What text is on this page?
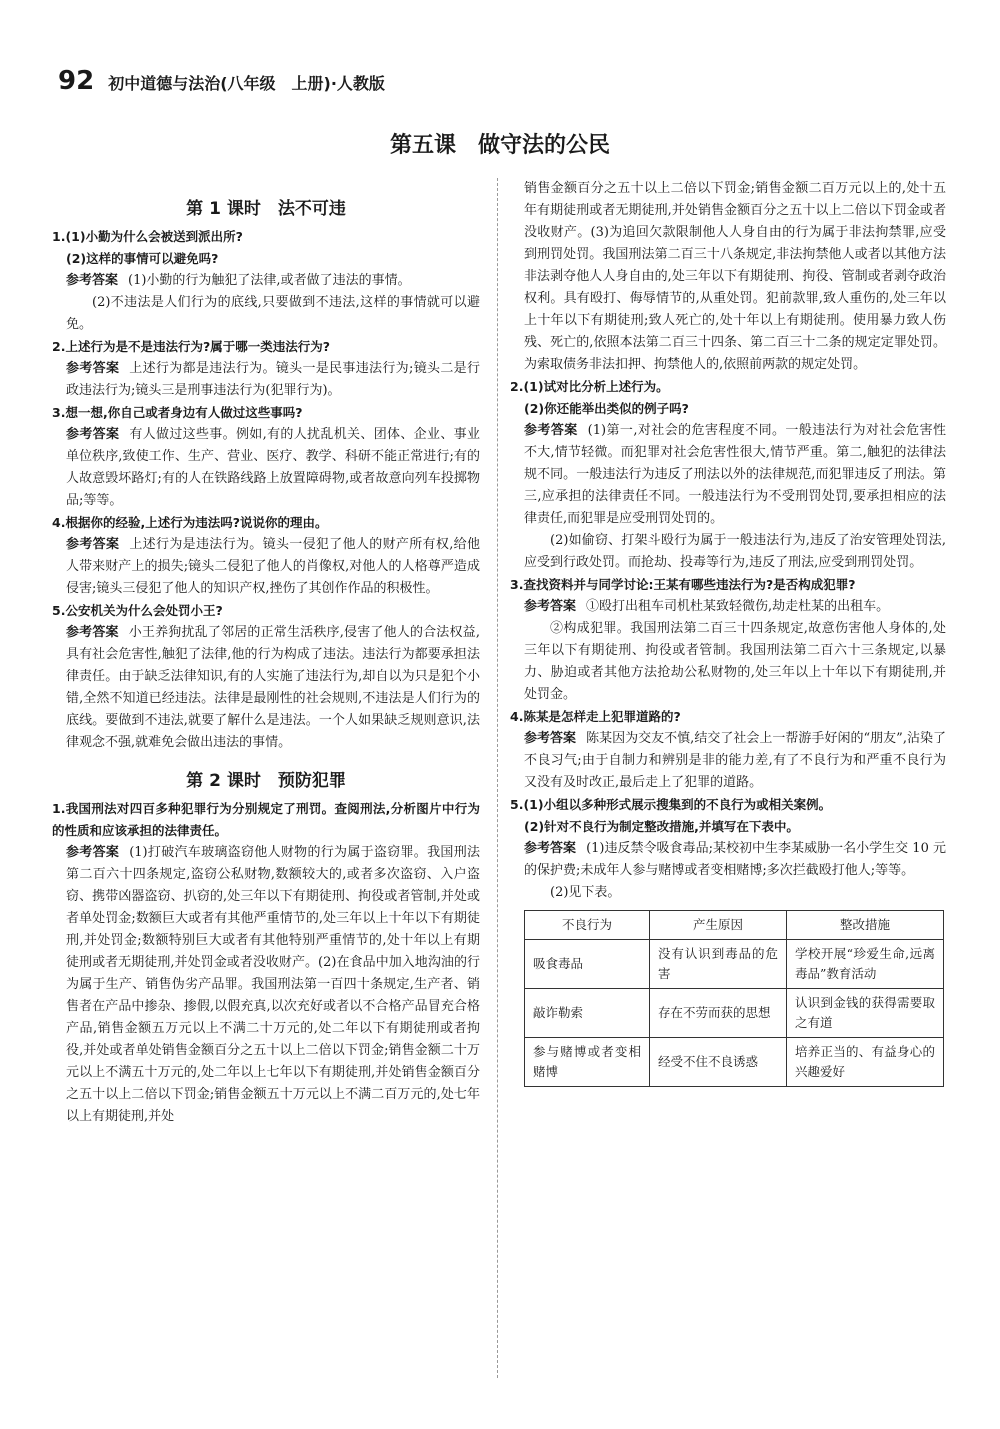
92 初中道德与法治(八年级　上册)·人教版
第五课　做守法的公民
第 1 课时　法不可违
1.(1)小勤为什么会被送到派出所?
(2)这样的事情可以避免吗?
参考答案 (1)小勤的行为触犯了法律,或者做了违法的事情。
(2)不违法是人们行为的底线,只要做到不违法,这样的事情就可以避免。
2.上述行为是不是违法行为?属于哪一类违法行为?
参考答案 上述行为都是违法行为。镜头一是民事违法行为;镜头二是行政违法行为;镜头三是刑事违法行为(犯罪行为)。
3.想一想,你自己或者身边有人做过这些事吗?
参考答案 有人做过这些事。例如,有的人扰乱机关、团体、企业、事业单位秩序,致使工作、生产、营业、医疗、教学、科研不能正常进行;有的人故意毁坏路灯;有的人在铁路线路上放置障碍物,或者故意向列车投掷物品;等等。
4.根据你的经验,上述行为违法吗?说说你的理由。
参考答案 上述行为是违法行为。镜头一侵犯了他人的财产所有权,给他人带来财产上的损失;镜头二侵犯了他人的肖像权,对他人的人格尊严造成侵害;镜头三侵犯了他人的知识产权,挫伤了其创作作品的积极性。
5.公安机关为什么会处罚小王?
参考答案 小王养狗扰乱了邻居的正常生活秩序,侵害了他人的合法权益,具有社会危害性,触犯了法律,他的行为构成了违法。违法行为都要承担法律责任。由于缺乏法律知识,有的人实施了违法行为,却自以为只是犯个小错,全然不知道已经违法。法律是最刚性的社会规则,不违法是人们行为的底线。要做到不违法,就要了解什么是违法。一个人如果缺乏规则意识,法律观念不强,就难免会做出违法的事情。
第 2 课时　预防犯罪
1.我国刑法对四百多种犯罪行为分别规定了刑罚。查阅刑法,分析图片中行为的性质和应该承担的法律责任。
参考答案 (1)打破汽车玻璃盗窃他人财物的行为属于盗窃罪。我国刑法第二百六十四条规定,盗窃公私财物,数额较大的,或者多次盗窃、入户盗窃、携带凶器盗窃、扒窃的,处三年以下有期徒刑、拘役或者管制,并处或者单处罚金;数额巨大或者有其他严重情节的,处三年以上十年以下有期徒刑,并处罚金;数额特别巨大或者有其他特别严重情节的,处十年以上有期徒刑或者无期徒刑,并处罚金或者没收财产。(2)在食品中加入地沟油的行为属于生产、销售伪劣产品罪。我国刑法第一百四十条规定,生产者、销售者在产品中掺杂、掺假,以假充真,以次充好或者以不合格产品冒充合格产品,销售金额五万元以上不满二十万元的,处二年以下有期徒刑或者拘役,并处或者单处销售金额百分之五十以上二倍以下罚金;销售金额二十万元以上不满五十万元的,处二年以上七年以下有期徒刑,并处销售金额百分之五十以上二倍以下罚金;销售金额五十万元以上不满二百万元的,处七年以上有期徒刑,并处
销售金额百分之五十以上二倍以下罚金;销售金额二百万元以上的,处十五年有期徒刑或者无期徒刑,并处销售金额百分之五十以上二倍以下罚金或者没收财产。(3)为追回欠款限制他人人身自由的行为属于非法拘禁罪,应受到刑罚处罚。我国刑法第二百三十八条规定,非法拘禁他人或者以其他方法非法剥夺他人人身自由的,处三年以下有期徒刑、拘役、管制或者剥夺政治权利。具有殴打、侮辱情节的,从重处罚。犯前款罪,致人重伤的,处三年以上十年以下有期徒刑;致人死亡的,处十年以上有期徒刑。使用暴力致人伤残、死亡的,依照本法第二百三十四条、第二百三十二条的规定定罪处罚。为索取债务非法扣押、拘禁他人的,依照前两款的规定处罚。
2.(1)试对比分析上述行为。
(2)你还能举出类似的例子吗?
参考答案 (1)第一,对社会的危害程度不同。一般违法行为对社会危害性不大,情节轻微。而犯罪对社会危害性很大,情节严重。第二,触犯的法律法规不同。一般违法行为违反了刑法以外的法律规范,而犯罪违反了刑法。第三,应承担的法律责任不同。一般违法行为不受刑罚处罚,要承担相应的法律责任,而犯罪是应受刑罚处罚的。
(2)如偷窃、打架斗殴行为属于一般违法行为,违反了治安管理处罚法,应受到行政处罚。而抢劫、投毒等行为,违反了刑法,应受到刑罚处罚。
3.查找资料并与同学讨论:王某有哪些违法行为?是否构成犯罪?
参考答案 ①殴打出租车司机杜某致轻微伤,劫走杜某的出租车。
②构成犯罪。我国刑法第二百三十四条规定,故意伤害他人身体的,处三年以下有期徒刑、拘役或者管制。我国刑法第二百六十三条规定,以暴力、胁迫或者其他方法抢劫公私财物的,处三年以上十年以下有期徒刑,并处罚金。
4.陈某是怎样走上犯罪道路的?
参考答案 陈某因为交友不慎,结交了社会上一帮游手好闲的“朋友”,沾染了不良习气;由于自制力和辨别是非的能力差,有了不良行为和严重不良行为又没有及时改正,最后走上了犯罪的道路。
5.(1)小组以多种形式展示搜集到的不良行为或相关案例。
(2)针对不良行为制定整改措施,并填写在下表中。
参考答案 (1)违反禁令吸食毒品;某校初中生李某威胁一名小学生交 10 元的保护费;未成年人参与赌博或者变相赌博;多次拦截殴打他人;等等。
(2)见下表。
不良行为	产生原因	整改措施
吸食毒品	没有认识到毒品的危害	学校开展“珍爱生命,远离毒品”教育活动
敲诈勒索	存在不劳而获的思想	认识到金钱的获得需要取之有道
参与赌博或者变相赌博	经受不住不良诱惑	培养正当的、有益身心的兴趣爱好
